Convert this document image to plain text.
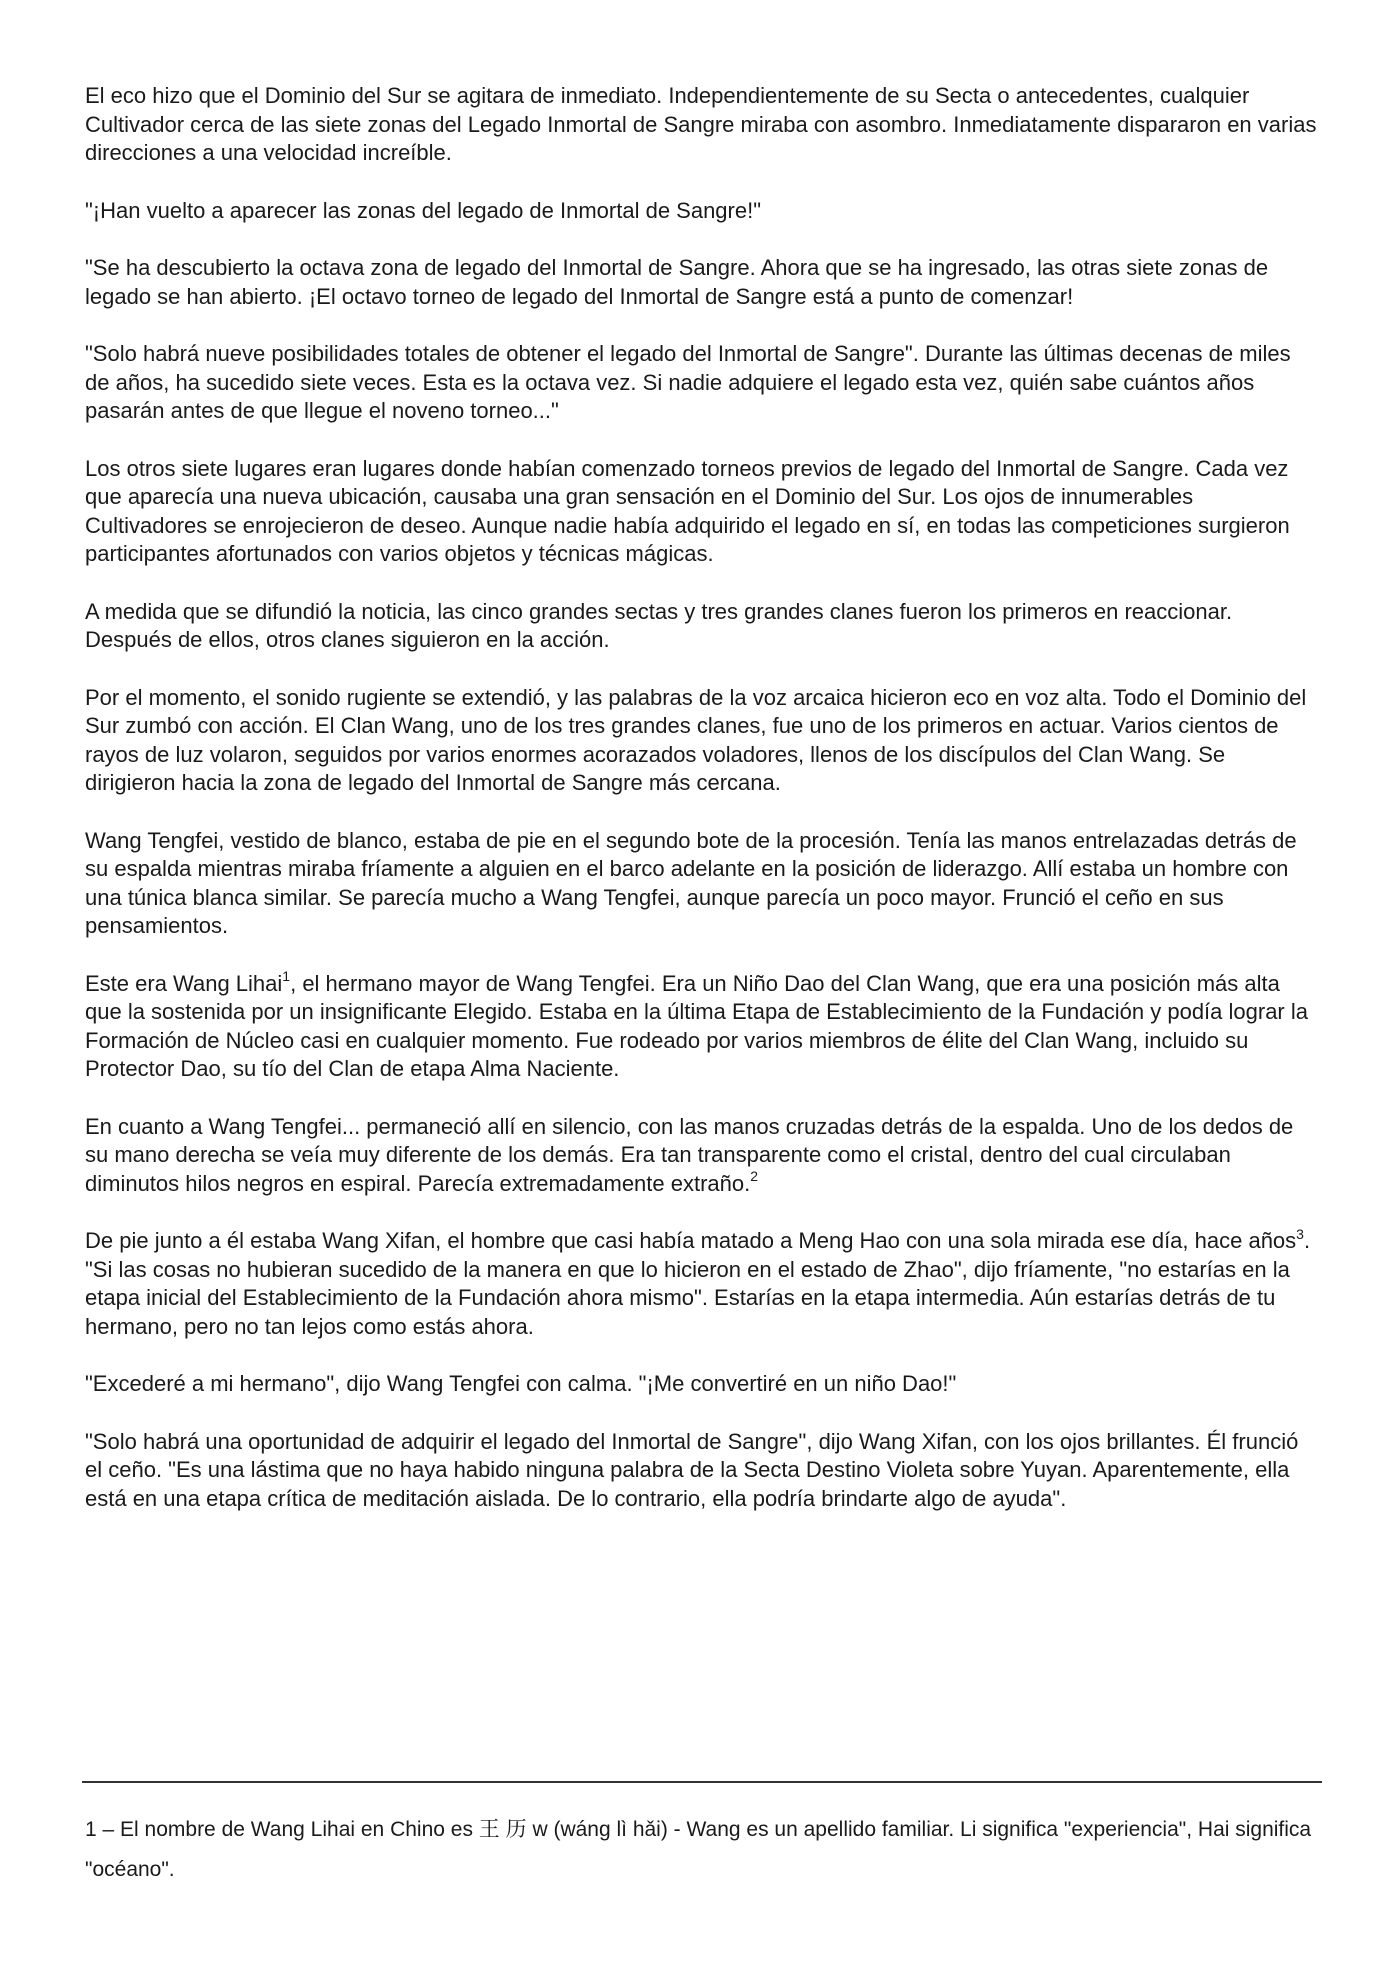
El eco hizo que el Dominio del Sur se agitara de inmediato. Independientemente de su Secta o antecedentes, cualquier Cultivador cerca de las siete zonas del Legado Inmortal de Sangre miraba con asombro. Inmediatamente dispararon en varias direcciones a una velocidad increíble.

"¡Han vuelto a aparecer las zonas del legado de Inmortal de Sangre!"

"Se ha descubierto la octava zona de legado del Inmortal de Sangre. Ahora que se ha ingresado, las otras siete zonas de legado se han abierto. ¡El octavo torneo de legado del Inmortal de Sangre está a punto de comenzar!

"Solo habrá nueve posibilidades totales de obtener el legado del Inmortal de Sangre". Durante las últimas decenas de miles de años, ha sucedido siete veces. Esta es la octava vez. Si nadie adquiere el legado esta vez, quién sabe cuántos años pasarán antes de que llegue el noveno torneo..."

Los otros siete lugares eran lugares donde habían comenzado torneos previos de legado del Inmortal de Sangre. Cada vez que aparecía una nueva ubicación, causaba una gran sensación en el Dominio del Sur. Los ojos de innumerables Cultivadores se enrojecieron de deseo. Aunque nadie había adquirido el legado en sí, en todas las competiciones surgieron participantes afortunados con varios objetos y técnicas mágicas.

A medida que se difundió la noticia, las cinco grandes sectas y tres grandes clanes fueron los primeros en reaccionar. Después de ellos, otros clanes siguieron en la acción.

Por el momento, el sonido rugiente se extendió, y las palabras de la voz arcaica hicieron eco en voz alta. Todo el Dominio del Sur zumbó con acción. El Clan Wang, uno de los tres grandes clanes, fue uno de los primeros en actuar. Varios cientos de rayos de luz volaron, seguidos por varios enormes acorazados voladores, llenos de los discípulos del Clan Wang. Se dirigieron hacia la zona de legado del Inmortal de Sangre más cercana.

Wang Tengfei, vestido de blanco, estaba de pie en el segundo bote de la procesión. Tenía las manos entrelazadas detrás de su espalda mientras miraba fríamente a alguien en el barco adelante en la posición de liderazgo. Allí estaba un hombre con una túnica blanca similar. Se parecía mucho a Wang Tengfei, aunque parecía un poco mayor. Frunció el ceño en sus pensamientos.

Este era Wang Lihai$^1$, el hermano mayor de Wang Tengfei. Era un Niño Dao del Clan Wang, que era una posición más alta que la sostenida por un insignificante Elegido. Estaba en la última Etapa de Establecimiento de la Fundación y podía lograr la Formación de Núcleo casi en cualquier momento. Fue rodeado por varios miembros de élite del Clan Wang, incluido su Protector Dao, su tío del Clan de etapa Alma Naciente.

En cuanto a Wang Tengfei... permaneció allí en silencio, con las manos cruzadas detrás de la espalda. Uno de los dedos de su mano derecha se veía muy diferente de los demás. Era tan transparente como el cristal, dentro del cual circulaban diminutos hilos negros en espiral. Parecía extremadamente extraño.$^2$

De pie junto a él estaba Wang Xifan, el hombre que casi había matado a Meng Hao con una sola mirada ese día, hace años$^3$. "Si las cosas no hubieran sucedido de la manera en que lo hicieron en el estado de Zhao", dijo fríamente, "no estarías en la etapa inicial del Establecimiento de la Fundación ahora mismo". Estarías en la etapa intermedia. Aún estarías detrás de tu hermano, pero no tan lejos como estás ahora.

"Excederé a mi hermano", dijo Wang Tengfei con calma. "¡Me convertiré en un niño Dao!"

"Solo habrá una oportunidad de adquirir el legado del Inmortal de Sangre", dijo Wang Xifan, con los ojos brillantes. Él frunció el ceño. "Es una lástima que no haya habido ninguna palabra de la Secta Destino Violeta sobre Yuyan. Aparentemente, ella está en una etapa crítica de meditación aislada. De lo contrario, ella podría brindarte algo de ayuda".

1 – El nombre de Wang Lihai en Chino es 王 历 w (wáng lì hǎi) - Wang es un apellido familiar. Li significa "experiencia", Hai significa "océano".
